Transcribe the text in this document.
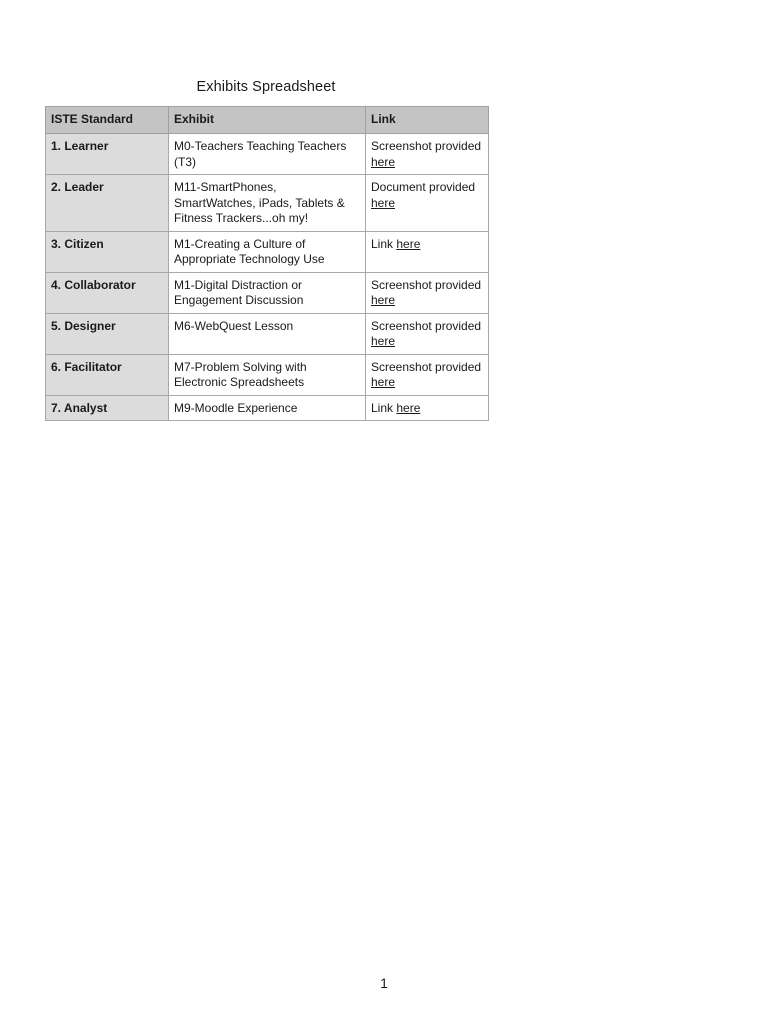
Exhibits Spreadsheet
ISTE Standard	Exhibit	Link
1. Learner	M0-Teachers Teaching Teachers (T3)	Screenshot provided here
2. Leader	M11-SmartPhones, SmartWatches, iPads, Tablets & Fitness Trackers...oh my!	Document provided here
3. Citizen	M1-Creating a Culture of Appropriate Technology Use	Link here
4. Collaborator	M1-Digital Distraction or Engagement Discussion	Screenshot provided here
5. Designer	M6-WebQuest Lesson	Screenshot provided here
6. Facilitator	M7-Problem Solving with Electronic Spreadsheets	Screenshot provided here
7. Analyst	M9-Moodle Experience	Link here
1
